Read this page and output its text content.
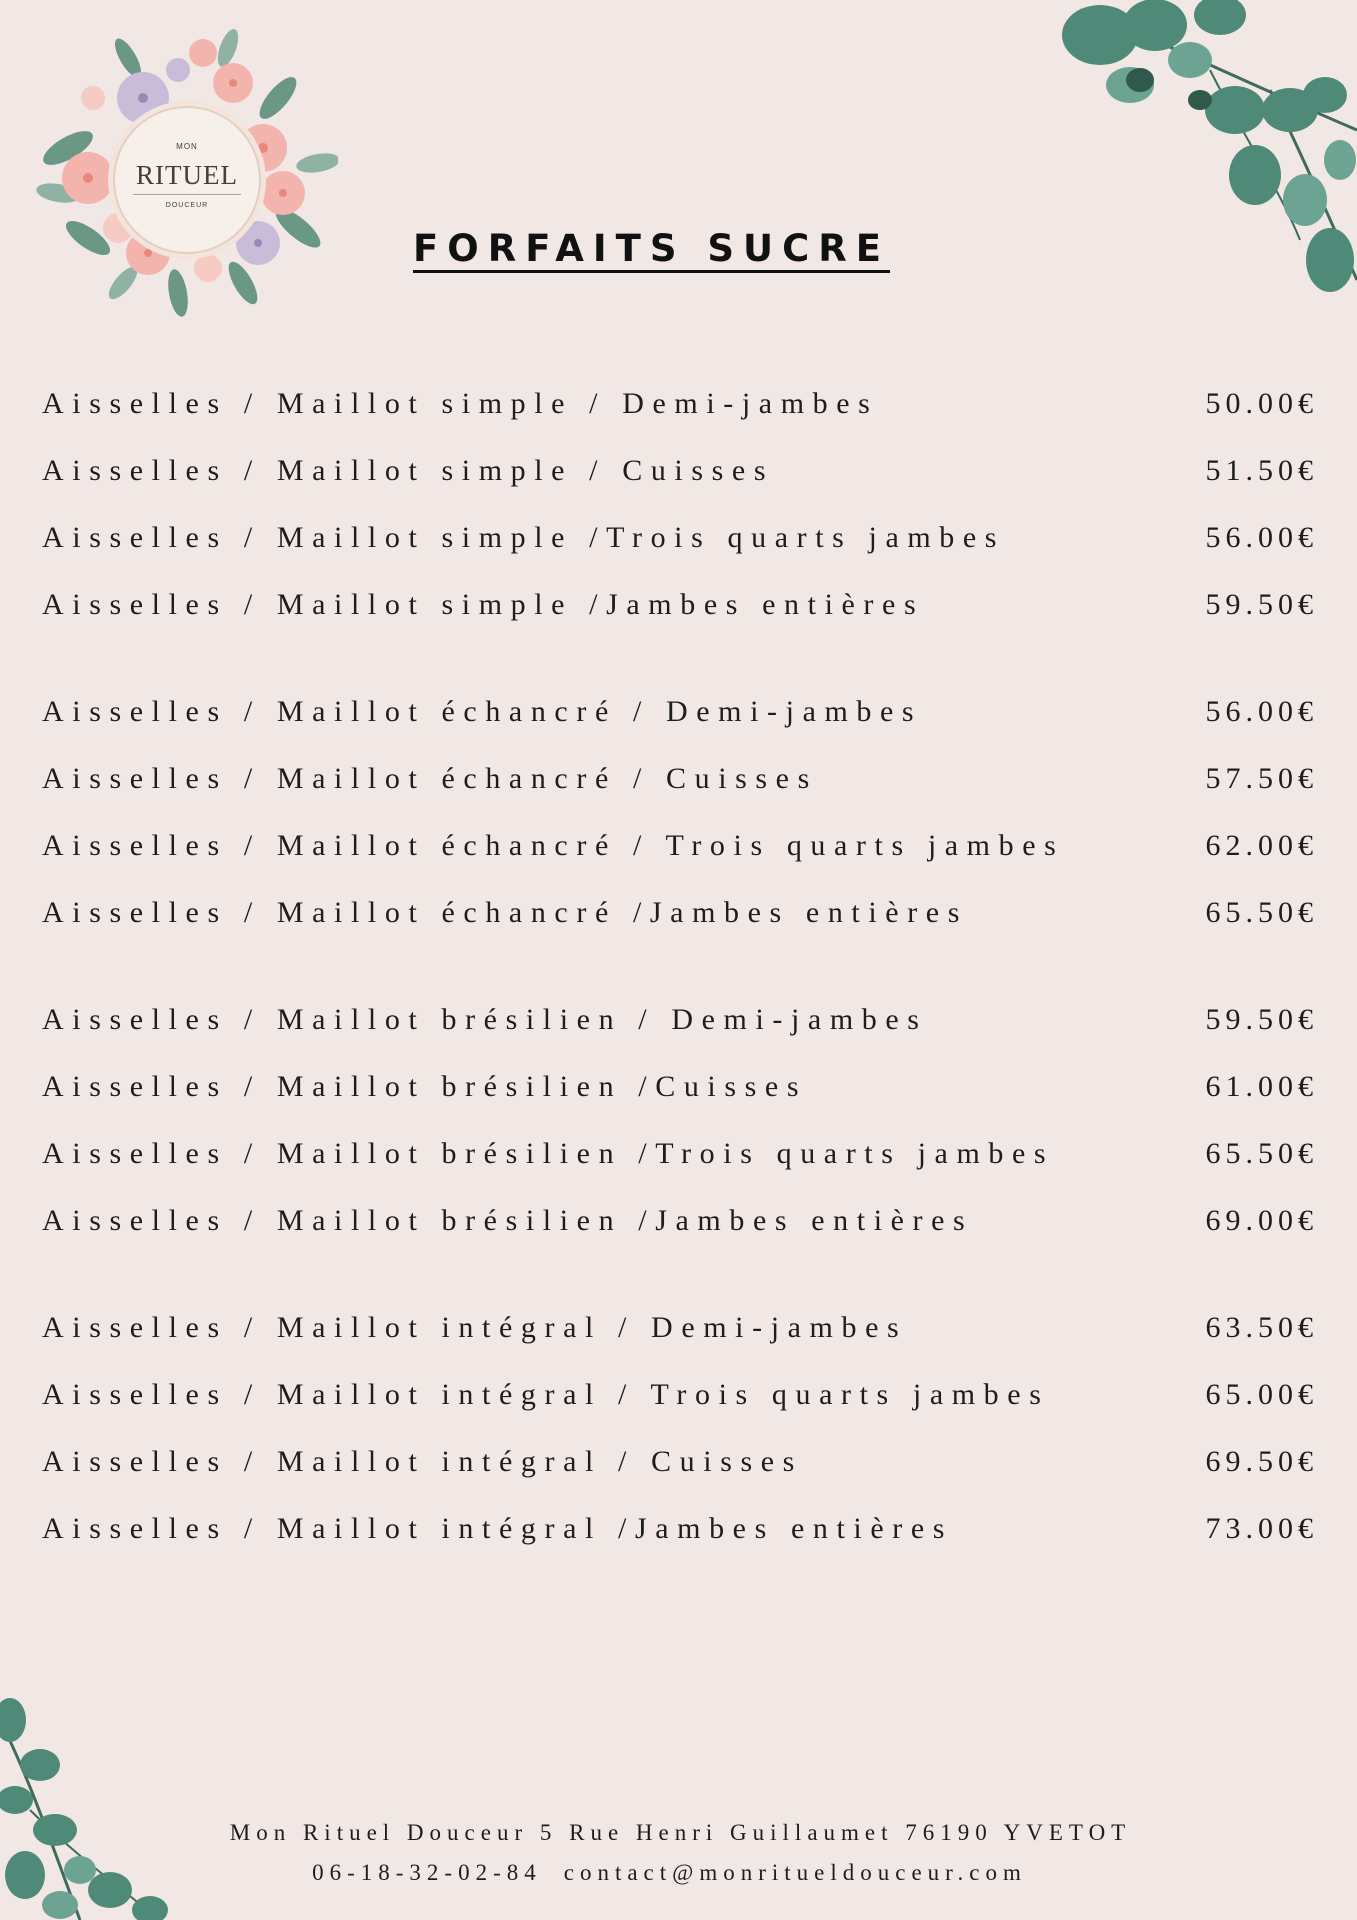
MON
RITUEL
DOUCEUR
FORFAITS SUCRE
Aisselles / Maillot simple / Demi-jambes	50.00€
Aisselles / Maillot simple / Cuisses	51.50€
Aisselles / Maillot simple /Trois quarts jambes	56.00€
Aisselles / Maillot simple /Jambes entières	59.50€
Aisselles / Maillot échancré / Demi-jambes	56.00€
Aisselles / Maillot échancré / Cuisses	57.50€
Aisselles / Maillot échancré / Trois quarts jambes	62.00€
Aisselles / Maillot échancré /Jambes entières	65.50€
Aisselles / Maillot brésilien / Demi-jambes	59.50€
Aisselles / Maillot brésilien /Cuisses	61.00€
Aisselles / Maillot brésilien /Trois quarts jambes	65.50€
Aisselles / Maillot brésilien /Jambes entières	69.00€
Aisselles / Maillot intégral / Demi-jambes	63.50€
Aisselles / Maillot intégral / Trois quarts jambes	65.00€
Aisselles / Maillot intégral / Cuisses	69.50€
Aisselles / Maillot intégral /Jambes entières	73.00€
Mon Rituel Douceur 5 Rue Henri Guillaumet 76190 YVETOT
06-18-32-02-84 contact@monritueldouceur.com
